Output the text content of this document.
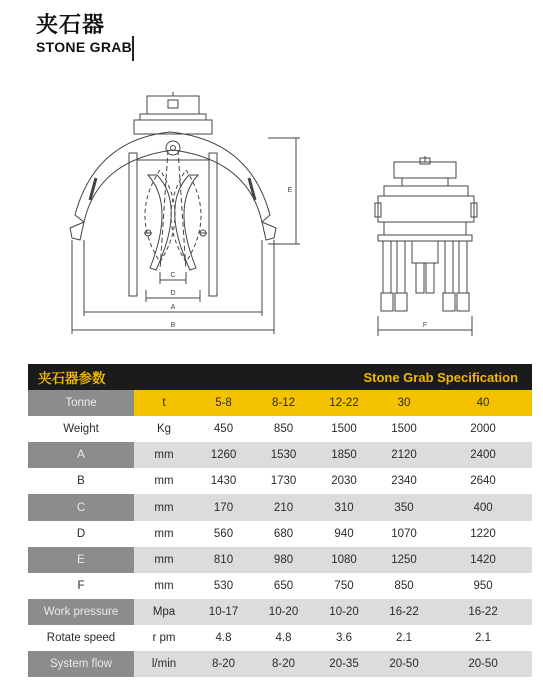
夹石器
STONE GRAB
C
D
A
B
E
F
夹石器参数			Stone Grab Specification			
Tonne	t	5-8	8-12	12-22	30	40
Weight	Kg	450	850	1500	1500	2000
A	mm	1260	1530	1850	2120	2400
B	mm	1430	1730	2030	2340	2640
C	mm	170	210	310	350	400
D	mm	560	680	940	1070	1220
E	mm	810	980	1080	1250	1420
F	mm	530	650	750	850	950
Work pressure	Mpa	10-17	10-20	10-20	16-22	16-22
Rotate speed	r pm	4.8	4.8	3.6	2.1	2.1
System flow	l/min	8-20	8-20	20-35	20-50	20-50
